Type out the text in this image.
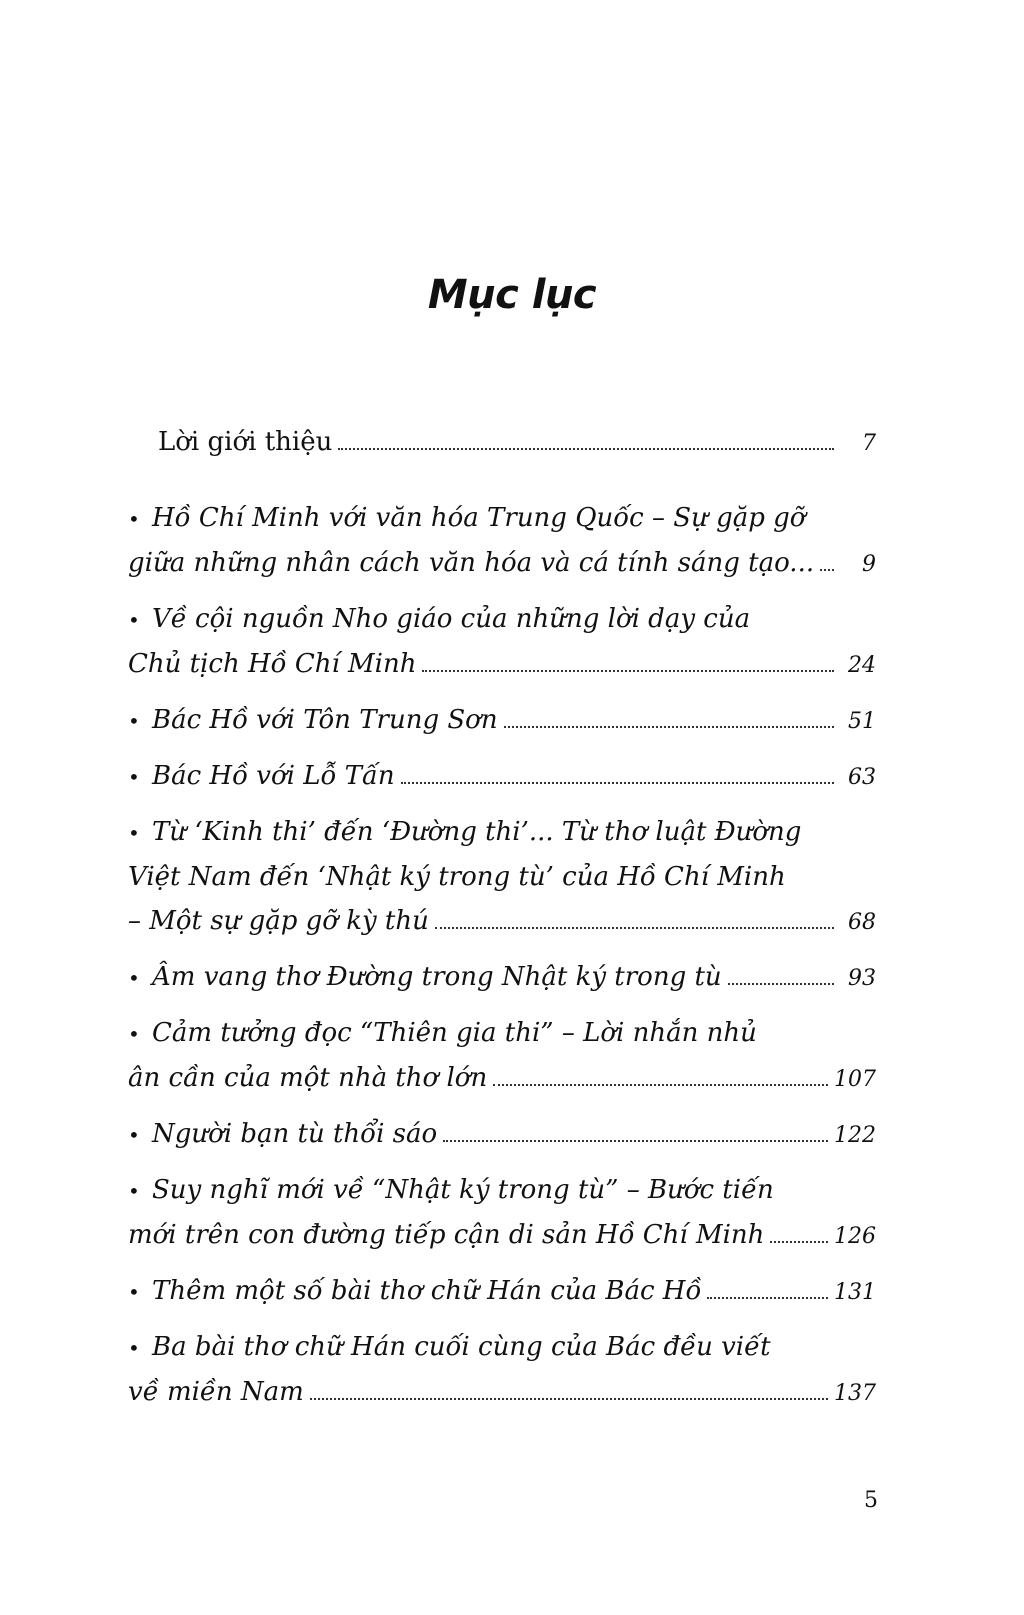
Mục lục
Lời giới thiệu	7
• Hồ Chí Minh với văn hóa Trung Quốc – Sự gặp gỡ
giữa những nhân cách văn hóa và cá tính sáng tạo...	9
• Về cội nguồn Nho giáo của những lời dạy của
Chủ tịch Hồ Chí Minh	24
• Bác Hồ với Tôn Trung Sơn	51
• Bác Hồ với Lỗ Tấn	63
• Từ ‘Kinh thi’ đến ‘Đường thi’... Từ thơ luật Đường
Việt Nam đến ‘Nhật ký trong tù’ của Hồ Chí Minh
– Một sự gặp gỡ kỳ thú	68
• Âm vang thơ Đường trong Nhật ký trong tù	93
• Cảm tưởng đọc “Thiên gia thi” – Lời nhắn nhủ
ân cần của một nhà thơ lớn	107
• Người bạn tù thổi sáo	122
• Suy nghĩ mới về “Nhật ký trong tù” – Bước tiến
mới trên con đường tiếp cận di sản Hồ Chí Minh	126
• Thêm một số bài thơ chữ Hán của Bác Hồ	131
• Ba bài thơ chữ Hán cuối cùng của Bác đều viết
về miền Nam	137
5
